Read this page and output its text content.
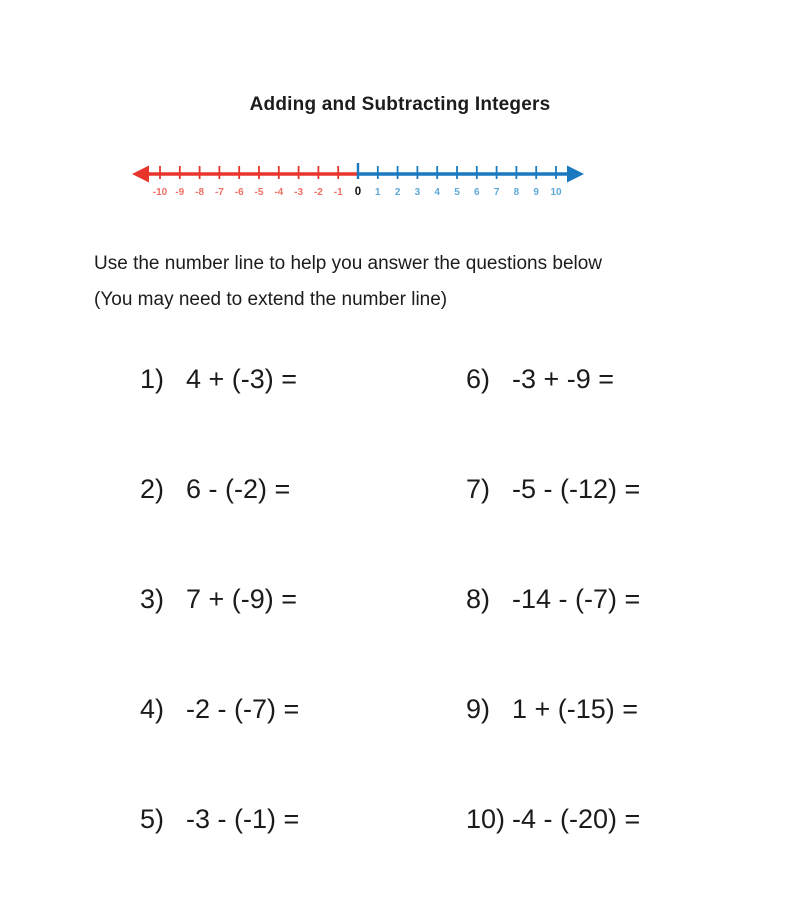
Adding and Subtracting Integers
-10 -9 -8 -7 -6 -5 -4 -3 -2 -1 0 1 2 3 4 5 6 7 8 9 10

Use the number line to help you answer the questions below

(You may need to extend the number line)

1) 4 + (-3) =
2) 6 - (-2) =
3) 7 + (-9) =
4) -2 - (-7) =
5) -3 - (-1) =
6) -3 + -9 =
7) -5 - (-12) =
8) -14 - (-7) =
9) 1 + (-15) =
10) -4 - (-20) =
